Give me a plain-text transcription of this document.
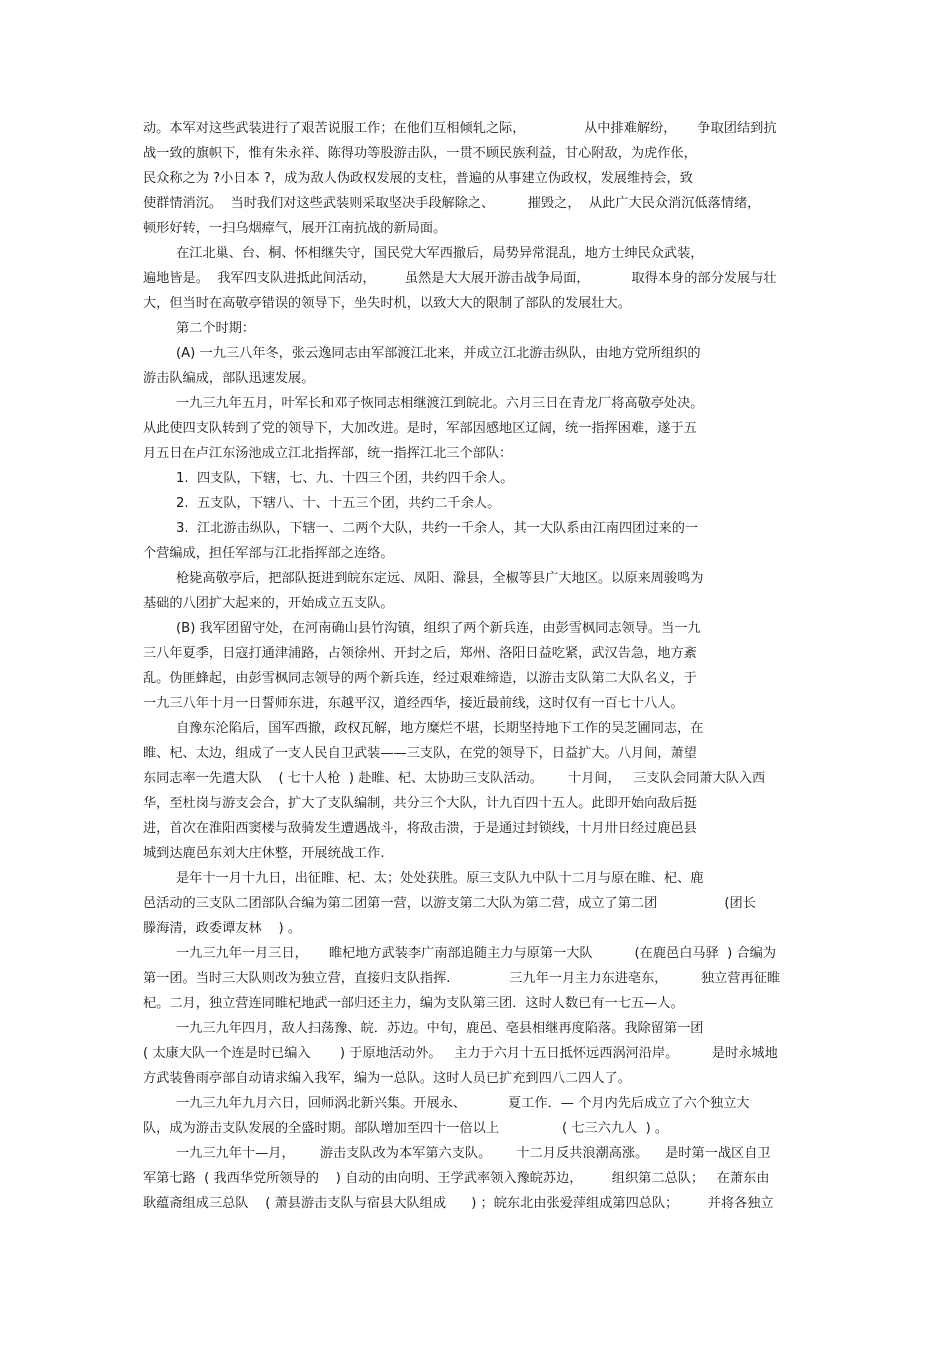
动。本军对这些武装进行了艰苦说服工作；在他们互相倾轧之际，              从中排难解纷，     争取团结到抗
战一致的旗帜下，惟有朱永祥、陈得功等股游击队，一贯不顾民族利益，甘心附敌，为虎作伥，
民众称之为 ?小日本 ?，成为敌人伪政权发展的支柱，普遍的从事建立伪政权，发展维持会，致
使群情消沉。  当时我们对这些武装则采取坚决手段解除之、        摧毁之，  从此广大民众消沉低落情绪，
顿形好转，一扫乌烟瘴气，展开江南抗战的新局面。
在江北巢、台、桐、怀相继失守，国民党大军西撤后，局势异常混乱，地方士绅民众武装，
遍地皆是。  我军四支队进抵此间活动，       虽然是大大展开游击战争局面，          取得本身的部分发展与壮
大，但当时在高敬亭错误的领导下，坐失时机，以致大大的限制了部队的发展壮大。
第二个时期：
(A) 一九三八年冬，张云逸同志由军部渡江北来，并成立江北游击纵队，由地方党所组织的
游击队编成，部队迅速发展。
一九三九年五月，叶军长和邓子恢同志相继渡江到皖北。六月三日在青龙厂将高敬亭处决。
从此使四支队转到了党的领导下，大加改进。是时，军部因感地区辽阔，统一指挥困难，遂于五
月五日在卢江东汤池成立江北指挥部，统一指挥江北三个部队：
1.  四支队，下辖，七、九、十四三个团，共约四千余人。
2.  五支队，下辖八、十、十五三个团，共约二千余人。
3.  江北游击纵队，下辖一、二两个大队，共约一千余人，其一大队系由江南四团过来的一
个营编成，担任军部与江北指挥部之连络。
枪毙高敬亭后，把部队挺进到皖东定远、凤阳、滁县，全椒等县广大地区。以原来周骏鸣为
基础的八团扩大起来的，开始成立五支队。
(B) 我军团留守处，在河南确山县竹沟镇，组织了两个新兵连，由彭雪枫同志领导。当一九
三八年夏季，日寇打通津浦路，占领徐州、开封之后，郑州、洛阳日益吃紧，武汉告急，地方紊
乱。伪匪蜂起，由彭雪枫同志领导的两个新兵连，经过艰难缔造，以游击支队第二大队名义，于
一九三八年十月一日誓师东进，东越平汉，道经西华，接近最前线，这时仅有一百七十八人。
自豫东沦陷后，国军西撤，政权瓦解，地方糜烂不堪，长期坚持地下工作的吴芝圃同志，在
睢、杞、太边，组成了一支人民自卫武装——三支队，在党的领导下，日益扩大。八月间，萧望
东同志率一先遣大队    ( 七十人枪  ) 赴睢、杞、太协助三支队活动。      十月间，   三支队会同萧大队入西
华，至杜岗与游支会合，扩大了支队编制，共分三个大队，计九百四十五人。此即开始向敌后挺
进，首次在淮阳西窦楼与敌骑发生遭遇战斗，将敌击溃，于是通过封锁线，十月卅日经过鹿邑县
城到达鹿邑东刘大庄休整，开展统战工作.
是年十一月十九日，出征睢、杞、太；处处获胜。原三支队九中队十二月与原在睢、杞、鹿
邑活动的三支队二团部队合编为第二团第一营，以游支第二大队为第二营，成立了第二团                (团长
滕海清，政委谭友林    ) 。
一九三九年一月三日，     睢杞地方武装李广南部追随主力与原第一大队          (在鹿邑白马驿  ) 合编为
第一团。当时三大队则改为独立营，直接归支队指挥.              三九年一月主力东进亳东，        独立营再征睢
杞。二月，独立营连同睢杞地武一部归还主力，编为支队第三团．这时人数已有一七五—人。
一九三九年四月，敌人扫荡豫、皖．苏边。中旬，鹿邑、亳县相继再度陷落。我除留第一团
( 太康大队一个连是时已编入       ) 于原地活动外。   主力于六月十五日抵怀远西涡河沿岸。        是时永城地
方武装鲁雨亭部自动请求编入我军，编为一总队。这时人员已扩充到四八二四人了。
一九三九年九月六日，回师涡北新兴集。开展永、          夏工作．— 个月内先后成立了六个独立大
队，成为游击支队发展的全盛时期。部队增加至四十一倍以上               ( 七三六九人  ) 。
一九三九年十—月，      游击支队改为本军第六支队。      十二月反共浪潮高涨。    是时第一战区自卫
军第七路  ( 我西华党所领导的    ) 自动的由向明、王学武率领入豫皖苏边，       组织第二总队；   在萧东由
耿蕴斋组成三总队    ( 萧县游击支队与宿县大队组成      ) ；皖东北由张爱萍组成第四总队；       并将各独立
